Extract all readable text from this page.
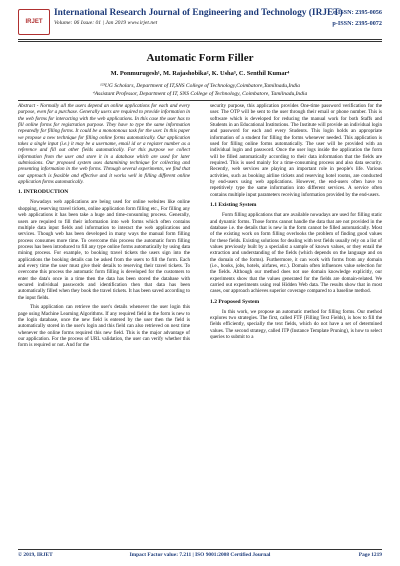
IRJET
International Research Journal of Engineering and Technology (IRJET)
Volume: 06 Issue: 01 | Jan 2019 www.irjet.net
e-ISSN: 2395-0056
p-ISSN: 2395-0072
Automatic Form Filler
M. Ponmurugesh¹, M. Rajashobika², K. Usha³, C. Senthil Kumar⁴
¹²³UG Scholars, Department of IT,SNS College of Technology,Coimbatore,Tamilnadu,India
⁴Assistant Professor, Department of IT, SNS College of Technology, Coimbatore, Tamilnadu,India

Abstract - Normally all the users depend an online applications for each and every purpose, even for a purchase. Generally users are required to provide information in the web forms for interacting with the web applications. In this case the user has to fill online forms for registration purpose. They have to type the same information repeatedly for filling forms. It could be a monotonous task for the user. In this paper we propose a new technique for filling online forms automatically. Our application takes a single input (i.e.) it may be a username, email id or a register number as a reference and fill out other fields automatically. For this purpose we collect information from the user and store it in a database which are used for later submissions. Our proposed system uses datamining technique for collecting and presenting information in the web forms. Through several experiments, we find that our approach is feasible and effective and it works well in filling different online application forms automatically.

1. INTRODUCTION

Nowadays web applications are being used for online websites like online shopping, reserving travel tickets, online application form filling etc., For filling any web applications it has been take a huge and time-consuming process. Generally, users are required to fill their information into web forms which often contains multiple data input fields and information to interact the web applications and services. Though web has been developed in many ways the manual form filling process consumes more time. To overcome this process the automatic form filling process has been introduced to fill any type online forms automatically by using data mining process. For example, to booking travel tickets the users sign into the applications the booking details can be asked from the users to fill the form. Each and every time the user must give their details to reserving their travel tickets. To overcome this process the automatic form filling is developed for the customers to enter the data's once in a time then the data has been stored the database with secured individual passwords and identification then that data has been automatically filled when they book the travel tickets. It has been saved according to the input fields.

This application can retrieve the user's details whenever the user login this page using Machine Learning Algorithms. If any required field in the form is new to the login database, once the new field is entered by the user then the field is automatically stored in the user's login and this field can also retrieved on next time whenever the online forms required this new field. This is the major advantage of our application. For the process of URL validation, the user can verify whether this form is required or not. And for the

security purpose, this application provides One-time password verification for the user. The OTP will be sent to the user through their email or phone number. This is software which is developed for reducing the manual work for both Staffs and Students in an Educational Institutions. The Institute will provide an individual login and password for each and every Students. This login holds an appropriate information of a student for filling the forms whenever needed. This application is used for filling online forms automatically. The user will be provided with an individual login and password. Once the user logs inside the application the form will be filled automatically according to their data information that the fields are required. This is used mainly for a time-consuming process and also data security. Recently, web services are playing an important role in people's life. Various activities, such as booking airline tickets and reserving hotel rooms, are conducted by end-users using web applications. However, the end-users often have to repetitively type the same information into different services. A service often contains multiple input parameters receiving information provided by the end-users.

1.1 Existing System

Form filling applications that are available nowadays are used for filling static and dynamic forms. Those forms cannot handle the data that are not provided in the database i.e. the details that is new in the form cannot be filled automatically. Most of the existing work on form filling overlooks the problem of finding good values for these fields. Existing solutions for dealing with text fields usually rely on a list of values previously built by a specialist a sample of known values, or they entail the extraction and understanding of the fields (which depends on the language and on the domain of the forms). Furthermore, it can work with forms from any domain (i.e., books, jobs, hotels, airfares, etc.). Domain often influences value selection for the fields. Although our method does not use domain knowledge explicitly, our experiments show that the values generated for the fields are domain-related. We carried out experiments using real Hidden Web data. The results show that in most cases, our approach achieves superior coverage compared to a baseline method.

1.2 Proposed System

In this work, we propose an automatic method for filling forms. Our method explores two strategies. The first, called FTF (Filling Text Fields), is how to fill the fields efficiently, specially the text fields, which do not have a set of determined values. The second strategy, called ITP (Instance Template Pruning), is how to select queries to submit to a

© 2019, IRJET	Impact Factor value: 7.211 | ISO 9001:2008 Certified Journal	Page 1219
